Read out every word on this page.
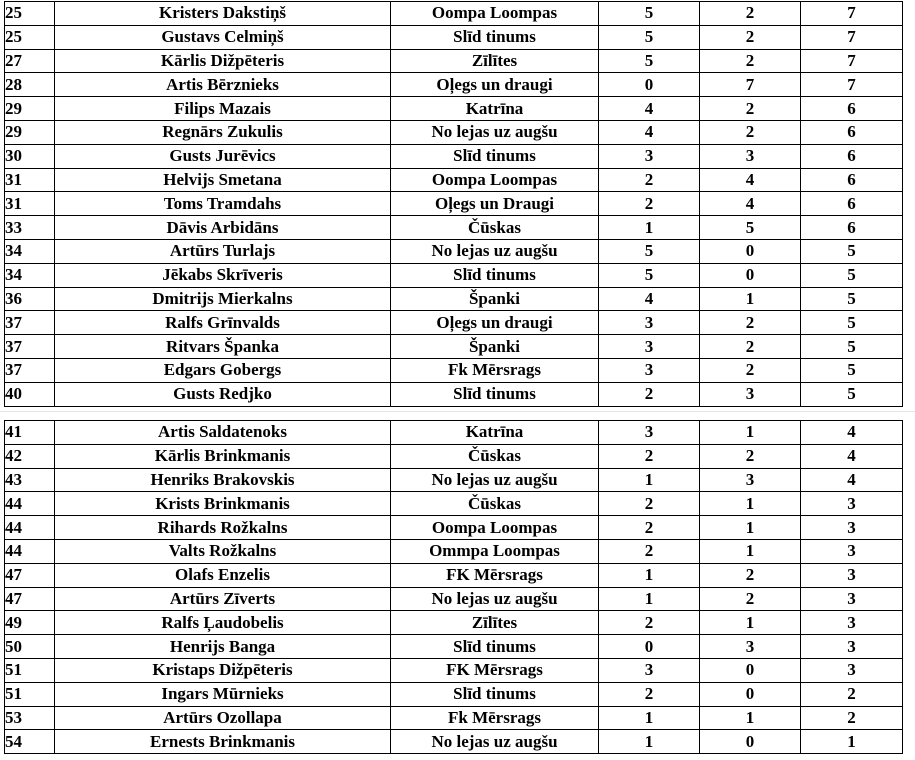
25	Kristers Dakstiņš	Oompa Loompas	5	2	7
25	Gustavs Celmiņš	Slīd tinums	5	2	7
27	Kārlis Dižpēteris	Zīlītes	5	2	7
28	Artis Bērznieks	Oļegs un draugi	0	7	7
29	Filips Mazais	Katrīna	4	2	6
29	Regnārs Zukulis	No lejas uz augšu	4	2	6
30	Gusts Jurēvics	Slīd tinums	3	3	6
31	Helvijs Smetana	Oompa Loompas	2	4	6
31	Toms Tramdahs	Oļegs un Draugi	2	4	6
33	Dāvis Arbidāns	Čūskas	1	5	6
34	Artūrs Turlajs	No lejas uz augšu	5	0	5
34	Jēkabs Skrīveris	Slīd tinums	5	0	5
36	Dmitrijs Mierkalns	Španki	4	1	5
37	Ralfs Grīnvalds	Oļegs un draugi	3	2	5
37	Ritvars Španka	Španki	3	2	5
37	Edgars Gobergs	Fk Mērsrags	3	2	5
40	Gusts Redjko	Slīd tinums	2	3	5
41	Artis Saldatenoks	Katrīna	3	1	4
42	Kārlis Brinkmanis	Čūskas	2	2	4
43	Henriks Brakovskis	No lejas uz augšu	1	3	4
44	Krists Brinkmanis	Čūskas	2	1	3
44	Rihards Rožkalns	Oompa Loompas	2	1	3
44	Valts Rožkalns	Ommpa Loompas	2	1	3
47	Olafs Enzelis	FK Mērsrags	1	2	3
47	Artūrs Zīverts	No lejas uz augšu	1	2	3
49	Ralfs Ļaudobelis	Zīlītes	2	1	3
50	Henrijs Banga	Slīd tinums	0	3	3
51	Kristaps Dižpēteris	FK Mērsrags	3	0	3
51	Ingars Mūrnieks	Slīd tinums	2	0	2
53	Artūrs Ozollapa	Fk Mērsrags	1	1	2
54	Ernests Brinkmanis	No lejas uz augšu	1	0	1
